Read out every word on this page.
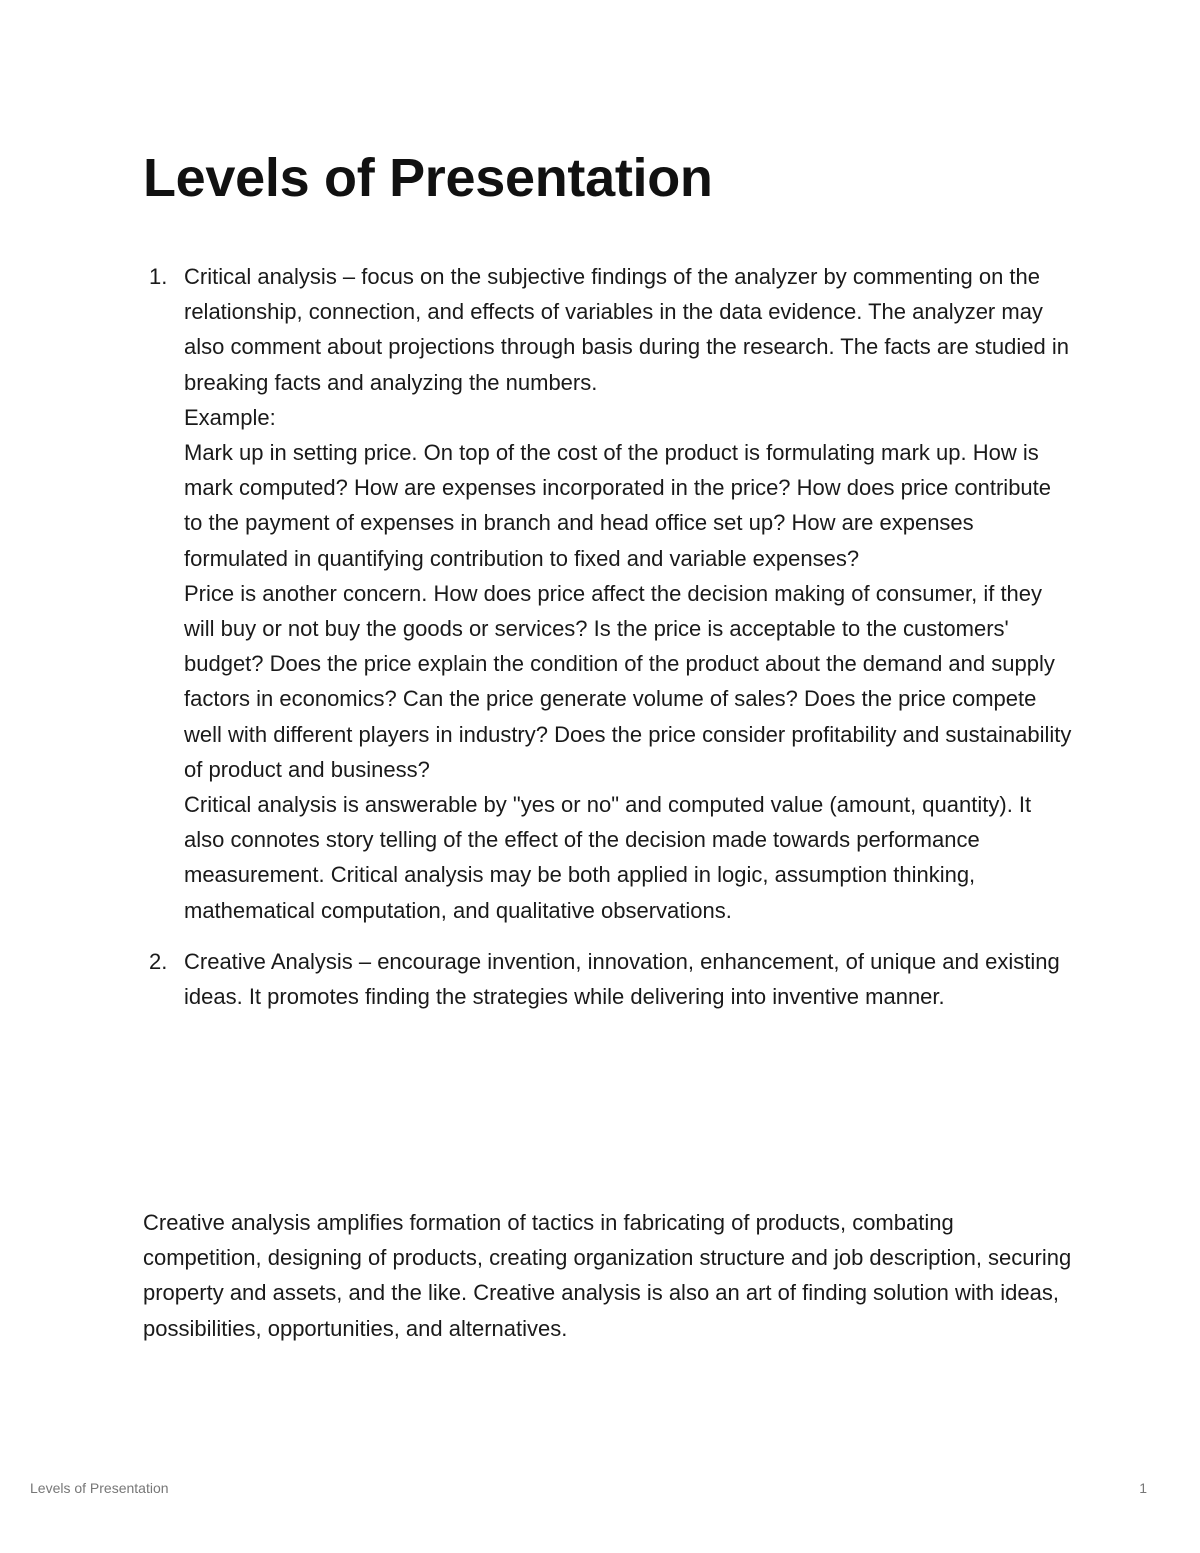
Levels of Presentation
1. Critical analysis – focus on the subjective findings of the analyzer by commenting on the relationship, connection, and effects of variables in the data evidence. The analyzer may also comment about projections through basis during the research. The facts are studied in breaking facts and analyzing the numbers.

Example:

Mark up in setting price. On top of the cost of the product is formulating mark up. How is mark computed? How are expenses incorporated in the price? How does price contribute to the payment of expenses in branch and head office set up? How are expenses formulated in quantifying contribution to fixed and variable expenses?

Price is another concern. How does price affect the decision making of consumer, if they will buy or not buy the goods or services? Is the price is acceptable to the customers' budget? Does the price explain the condition of the product about the demand and supply factors in economics? Can the price generate volume of sales? Does the price compete well with different players in industry? Does the price consider profitability and sustainability of product and business?

Critical analysis is answerable by "yes or no" and computed value (amount, quantity). It also connotes story telling of the effect of the decision made towards performance measurement. Critical analysis may be both applied in logic, assumption thinking, mathematical computation, and qualitative observations.

2. Creative Analysis – encourage invention, innovation, enhancement, of unique and existing ideas. It promotes finding the strategies while delivering into inventive manner.

Creative analysis amplifies formation of tactics in fabricating of products, combating competition, designing of products, creating organization structure and job description, securing property and assets, and the like. Creative analysis is also an art of finding solution with ideas, possibilities, opportunities, and alternatives.

Levels of Presentation	1
